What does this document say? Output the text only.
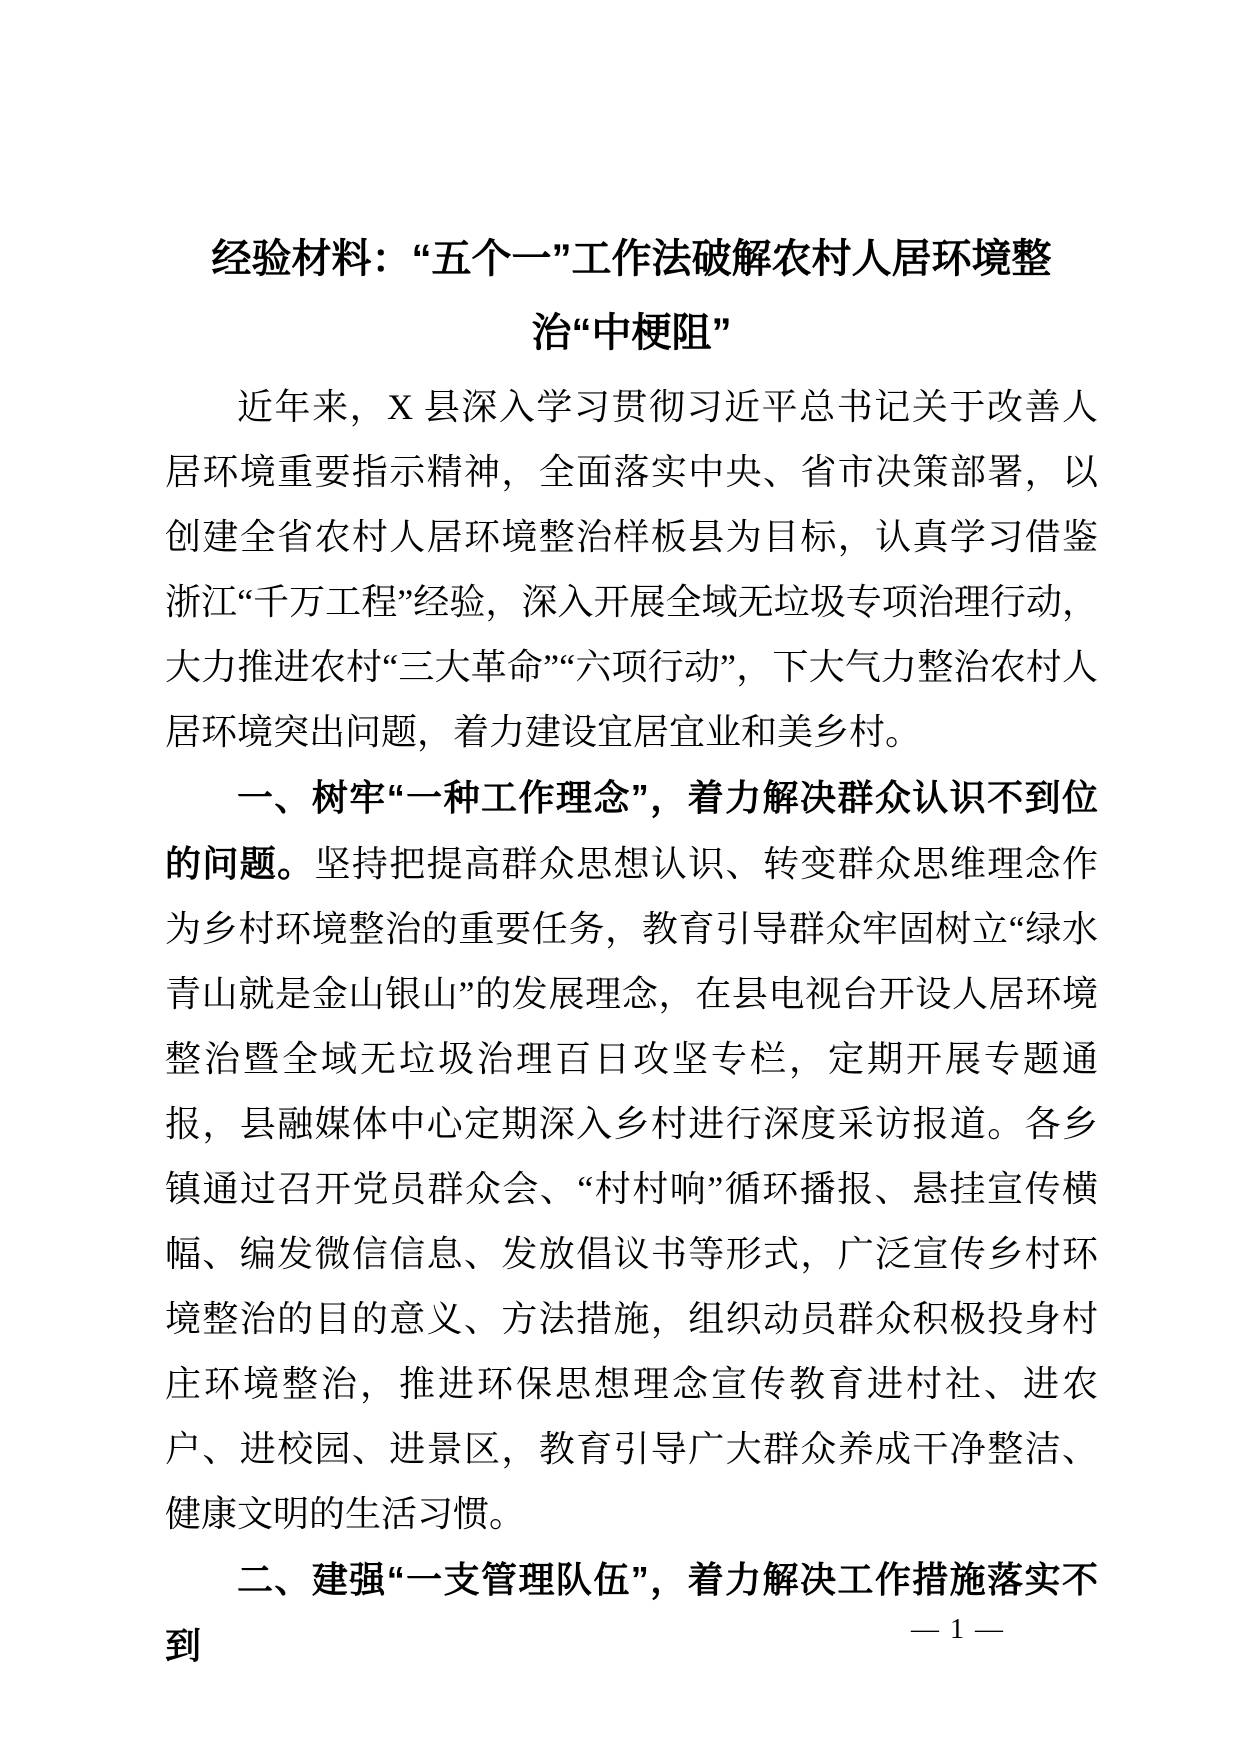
经验材料：“五个一”工作法破解农村人居环境整治“中梗阻”

近年来，X 县深入学习贯彻习近平总书记关于改善人居环境重要指示精神，全面落实中央、省市决策部署，以创建全省农村人居环境整治样板县为目标，认真学习借鉴浙江“千万工程”经验，深入开展全域无垃圾专项治理行动，大力推进农村“三大革命”“六项行动”，下大气力整治农村人居环境突出问题，着力建设宜居宜业和美乡村。

一、树牢“一种工作理念”，着力解决群众认识不到位的问题。坚持把提高群众思想认识、转变群众思维理念作为乡村环境整治的重要任务，教育引导群众牢固树立“绿水青山就是金山银山”的发展理念，在县电视台开设人居环境整治暨全域无垃圾治理百日攻坚专栏，定期开展专题通报，县融媒体中心定期深入乡村进行深度采访报道。各乡镇通过召开党员群众会、“村村响”循环播报、悬挂宣传横幅、编发微信信息、发放倡议书等形式，广泛宣传乡村环境整治的目的意义、方法措施，组织动员群众积极投身村庄环境整治，推进环保思想理念宣传教育进村社、进农户、进校园、进景区，教育引导广大群众养成干净整洁、健康文明的生活习惯。

二、建强“一支管理队伍”，着力解决工作措施落实不到	— 1 —
